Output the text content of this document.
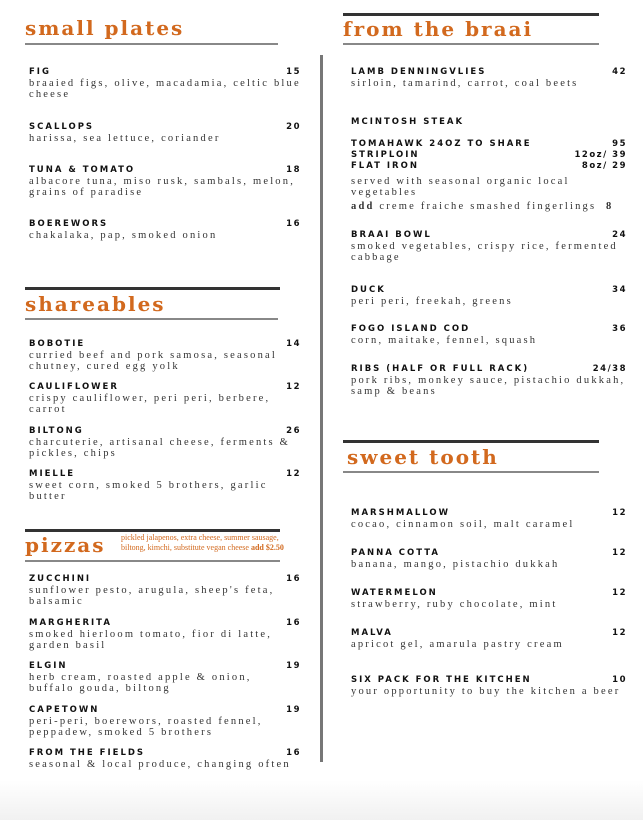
small plates
shareables
pizzas pickled jalapenos, extra cheese, summer sausage, biltong, kimchi, substitute vegan cheese add $2.50
from the braai
sweet tooth
MCINTOSH STEAK
TOMAHAWK 24OZ TO SHARE	95
STRIPLOIN	12oz/ 39
FLAT IRON	8oz/ 29
served with seasonal organic local vegetables
add creme fraiche smashed fingerlings 8
FIG	15
braaied figs, olive, macadamia, celtic blue cheese
SCALLOPS	20
harissa, sea lettuce, coriander
TUNA & TOMATO	18
albacore tuna, miso rusk, sambals, melon, grains of paradise
BOEREWORS	16
chakalaka, pap, smoked onion
BOBOTIE	14
curried beef and pork samosa, seasonal chutney, cured egg yolk
CAULIFLOWER	12
crispy cauliflower, peri peri, berbere, carrot
BILTONG	26
charcuterie, artisanal cheese, ferments & pickles, chips
MIELLE	12
sweet corn, smoked 5 brothers, garlic butter
ZUCCHINI	16
sunflower pesto, arugula, sheep's feta, balsamic
MARGHERITA	16
smoked hierloom tomato, fior di latte, garden basil
ELGIN	19
herb cream, roasted apple & onion, buffalo gouda, biltong
CAPETOWN	19
peri-peri, boerewors, roasted fennel, peppadew, smoked 5 brothers
FROM THE FIELDS	16
seasonal & local produce, changing often
BRAAI BOWL	24
smoked vegetables, crispy rice, fermented cabbage
DUCK	34
peri peri, freekah, greens
FOGO ISLAND COD	36
corn, maitake, fennel, squash
RIBS (HALF OR FULL RACK)	24/38
pork ribs, monkey sauce, pistachio dukkah, samp & beans
MARSHMALLOW	12
cocao, cinnamon soil, malt caramel
PANNA COTTA	12
banana, mango, pistachio dukkah
WATERMELON	12
strawberry, ruby chocolate, mint
MALVA	12
apricot gel, amarula pastry cream
SIX PACK FOR THE KITCHEN	10
your opportunity to buy the kitchen a beer
LAMB DENNINGVLIES	42
sirloin, tamarind, carrot, coal beets
